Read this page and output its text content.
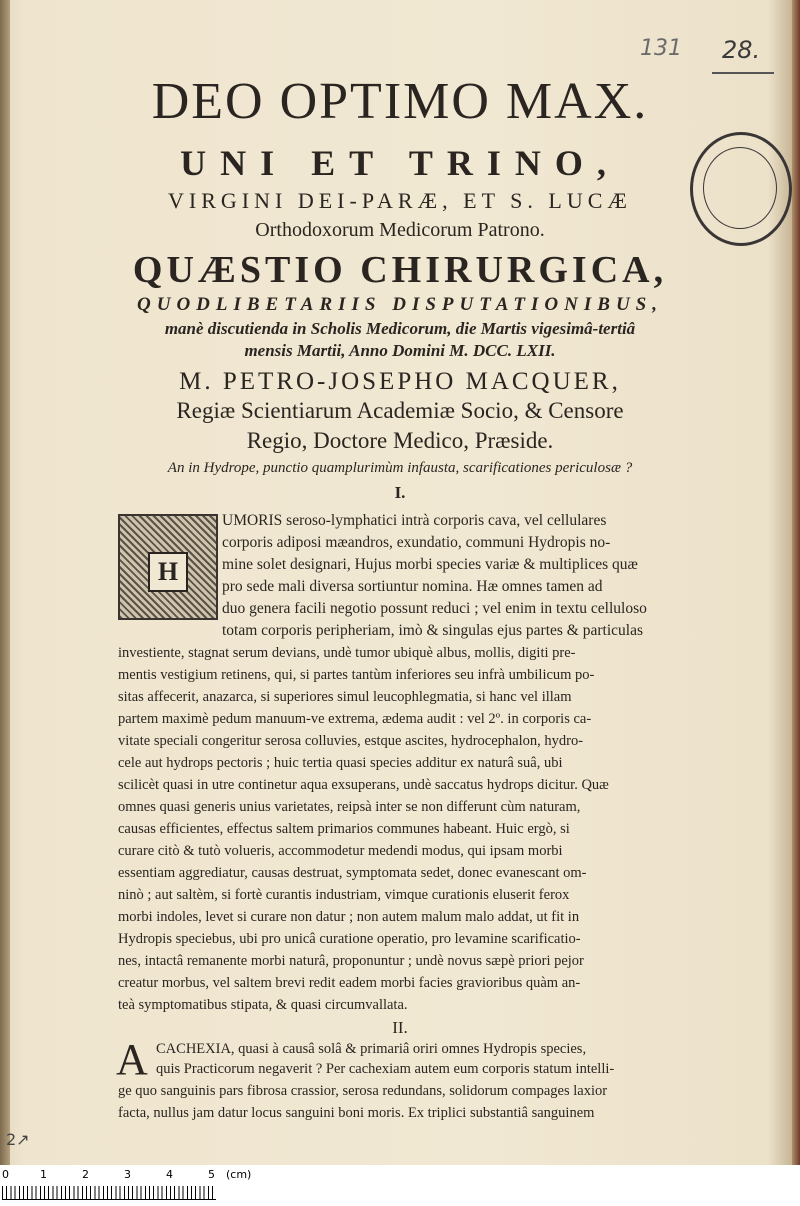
131 28.
DEO OPTIMO MAX.
UNI ET TRINO,
VIRGINI DEI-PARÆ, ET S. LUCÆ
Orthodoxorum Medicorum Patrono.
QUÆSTIO CHIRURGICA,
QUODLIBETARIIS DISPUTATIONIBUS,
manè discutienda in Scholis Medicorum, die Martis vigesimâ-tertiâ
mensis Martii, Anno Domini M. DCC. LXII.
M. PETRO-JOSEPHO MACQUER,
Regiæ Scientiarum Academiæ Socio, & Censore
Regio, Doctore Medico, Præside.
An in Hydrope, punctio quamplurimùm infausta, scarificationes periculosæ ?
I.
H
UMORIS seroso-lymphatici intrà corporis cava, vel cellulares
corporis adiposi mæandros, exundatio, communi Hydropis no-
mine solet designari, Hujus morbi species variæ & multiplices quæ
pro sede mali diversa sortiuntur nomina. Hæ omnes tamen ad
duo genera facili negotio possunt reduci ; vel enim in textu celluloso
totam corporis peripheriam, imò & singulas ejus partes & particulas
investiente, stagnat serum devians, undè tumor ubiquè albus, mollis, digiti pre-
mentis vestigium retinens, qui, si partes tantùm inferiores seu infrà umbilicum po-
sitas affecerit, anazarca, si superiores simul leucophlegmatia, si hanc vel illam
partem maximè pedum manuum-ve extrema, ædema audit : vel 2º. in corporis ca-
vitate speciali congeritur serosa colluvies, estque ascites, hydrocephalon, hydro-
cele aut hydrops pectoris ; huic tertia quasi species additur ex naturâ suâ, ubi
scilicèt quasi in utre continetur aqua exsuperans, undè saccatus hydrops dicitur. Quæ
omnes quasi generis unius varietates, reipsà inter se non differunt cùm naturam,
causas efficientes, effectus saltem primarios communes habeant. Huic ergò, si
curare citò & tutò volueris, accommodetur medendi modus, qui ipsam morbi
essentiam aggrediatur, causas destruat, symptomata sedet, donec evanescant om-
ninò ; aut saltèm, si fortè curantis industriam, vimque curationis eluserit ferox
morbi indoles, levet si curare non datur ; non autem malum malo addat, ut fit in
Hydropis speciebus, ubi pro unicâ curatione operatio, pro levamine scarificatio-
nes, intactâ remanente morbi naturâ, proponuntur ; undè novus sæpè priori pejor
creatur morbus, vel saltem brevi redit eadem morbi facies gravioribus quàm an-
teà symptomatibus stipata, & quasi circumvallata.
II.
A CACHEXIA, quasi à causâ solâ & primariâ oriri omnes Hydropis species,
quis Practicorum negaverit ? Per cachexiam autem eum corporis statum intelli-
ge quo sanguinis pars fibrosa crassior, serosa redundans, solidorum compages laxior
facta, nullus jam datur locus sanguini boni moris. Ex triplici substantiâ sanguinem
2↗
0	1	2	3	4	5 (cm)
